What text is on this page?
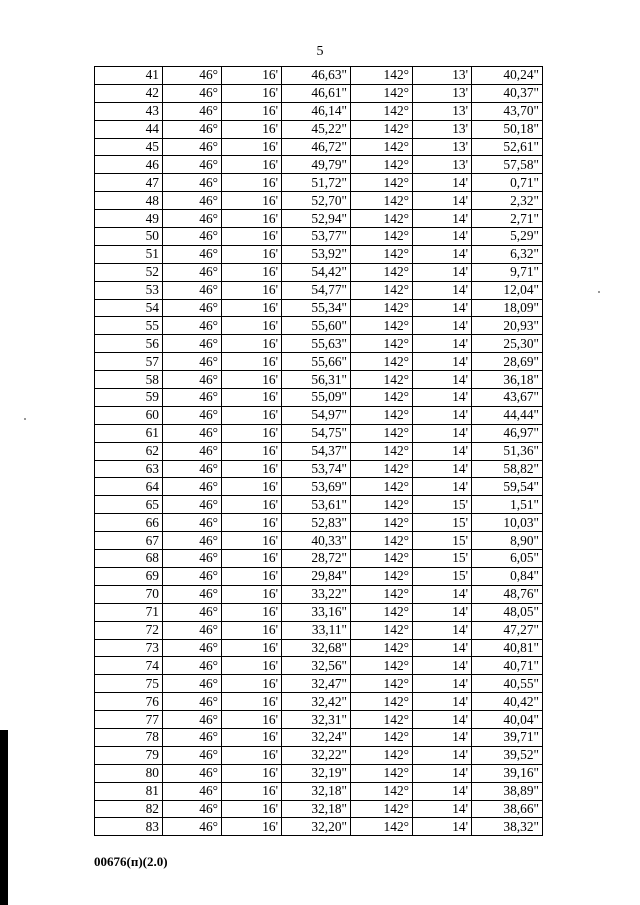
5
41	46°	16'	46,63"	142°	13'	40,24"
42	46°	16'	46,61"	142°	13'	40,37"
43	46°	16'	46,14"	142°	13'	43,70"
44	46°	16'	45,22"	142°	13'	50,18"
45	46°	16'	46,72"	142°	13'	52,61"
46	46°	16'	49,79"	142°	13'	57,58"
47	46°	16'	51,72"	142°	14'	0,71"
48	46°	16'	52,70"	142°	14'	2,32"
49	46°	16'	52,94"	142°	14'	2,71"
50	46°	16'	53,77"	142°	14'	5,29"
51	46°	16'	53,92"	142°	14'	6,32"
52	46°	16'	54,42"	142°	14'	9,71"
53	46°	16'	54,77"	142°	14'	12,04"
54	46°	16'	55,34"	142°	14'	18,09"
55	46°	16'	55,60"	142°	14'	20,93"
56	46°	16'	55,63"	142°	14'	25,30"
57	46°	16'	55,66"	142°	14'	28,69"
58	46°	16'	56,31"	142°	14'	36,18"
59	46°	16'	55,09"	142°	14'	43,67"
60	46°	16'	54,97"	142°	14'	44,44"
61	46°	16'	54,75"	142°	14'	46,97"
62	46°	16'	54,37"	142°	14'	51,36"
63	46°	16'	53,74"	142°	14'	58,82"
64	46°	16'	53,69"	142°	14'	59,54"
65	46°	16'	53,61"	142°	15'	1,51"
66	46°	16'	52,83"	142°	15'	10,03"
67	46°	16'	40,33"	142°	15'	8,90"
68	46°	16'	28,72"	142°	15'	6,05"
69	46°	16'	29,84"	142°	15'	0,84"
70	46°	16'	33,22"	142°	14'	48,76"
71	46°	16'	33,16"	142°	14'	48,05"
72	46°	16'	33,11"	142°	14'	47,27"
73	46°	16'	32,68"	142°	14'	40,81"
74	46°	16'	32,56"	142°	14'	40,71"
75	46°	16'	32,47"	142°	14'	40,55"
76	46°	16'	32,42"	142°	14'	40,42"
77	46°	16'	32,31"	142°	14'	40,04"
78	46°	16'	32,24"	142°	14'	39,71"
79	46°	16'	32,22"	142°	14'	39,52"
80	46°	16'	32,19"	142°	14'	39,16"
81	46°	16'	32,18"	142°	14'	38,89"
82	46°	16'	32,18"	142°	14'	38,66"
83	46°	16'	32,20"	142°	14'	38,32"
00676(п)(2.0)
